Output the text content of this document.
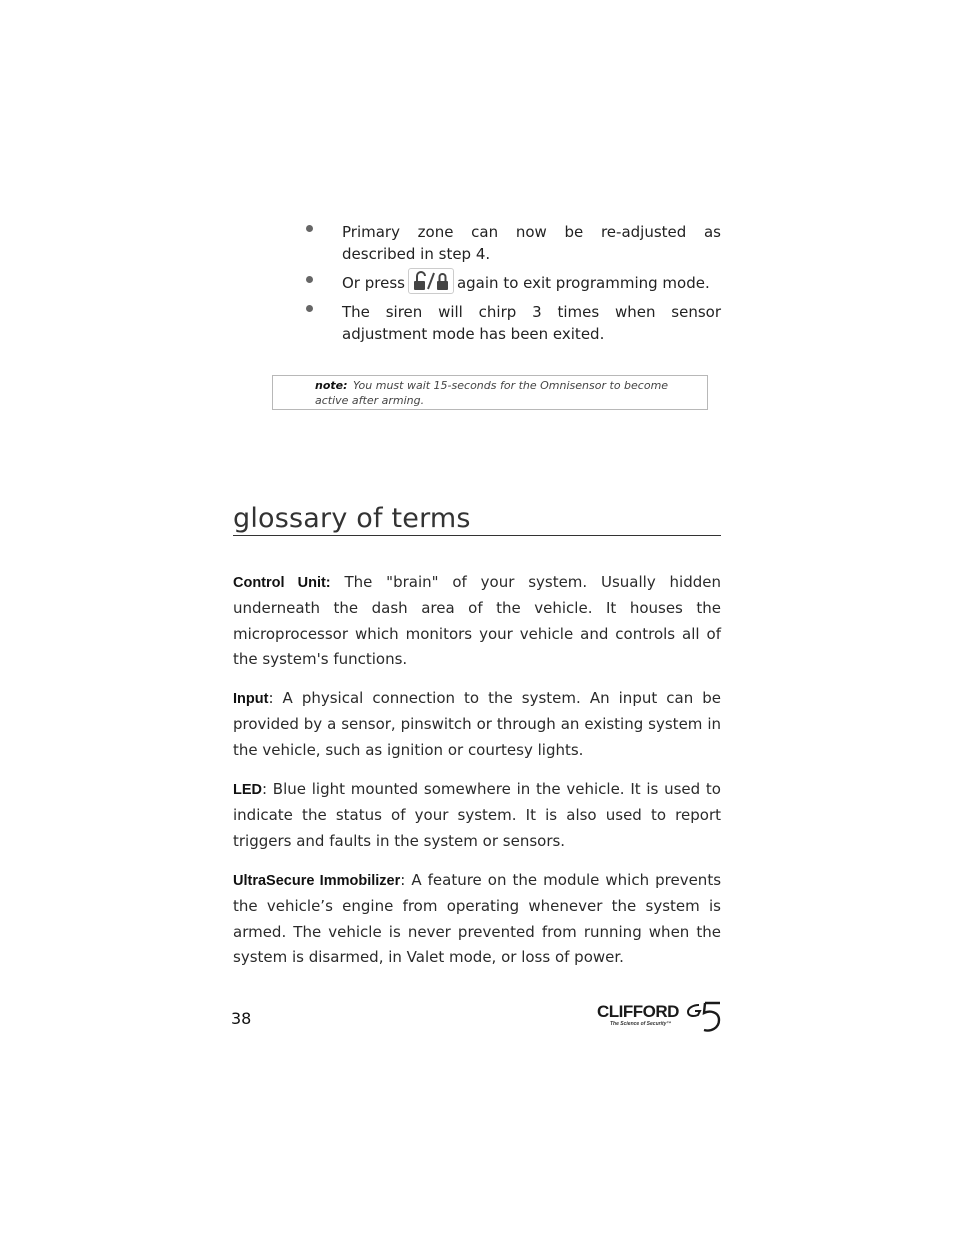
Primary zone can now be re-adjusted as described in step 4.
Or press	again to exit programming mode.
The siren will chirp 3 times when sensor adjustment mode has been exited.
note: You must wait 15-seconds for the Omnisensor to become active after arming.
glossary of terms

Control Unit: The "brain" of your system. Usually hidden underneath the dash area of the vehicle. It houses the microprocessor which monitors your vehicle and controls all of the system's functions.

Input: A physical connection to the system. An input can be provided by a sensor, pinswitch or through an existing system in the vehicle, such as ignition or courtesy lights.

LED: Blue light mounted somewhere in the vehicle. It is used to indicate the status of your system. It is also used to report triggers and faults in the system or sensors.

UltraSecure Immobilizer: A feature on the module which prevents the vehicle’s engine from operating whenever the system is armed. The vehicle is never prevented from running when the system is disarmed, in Valet mode, or loss of power.

38	CLIFFORD
The Science of Security™
